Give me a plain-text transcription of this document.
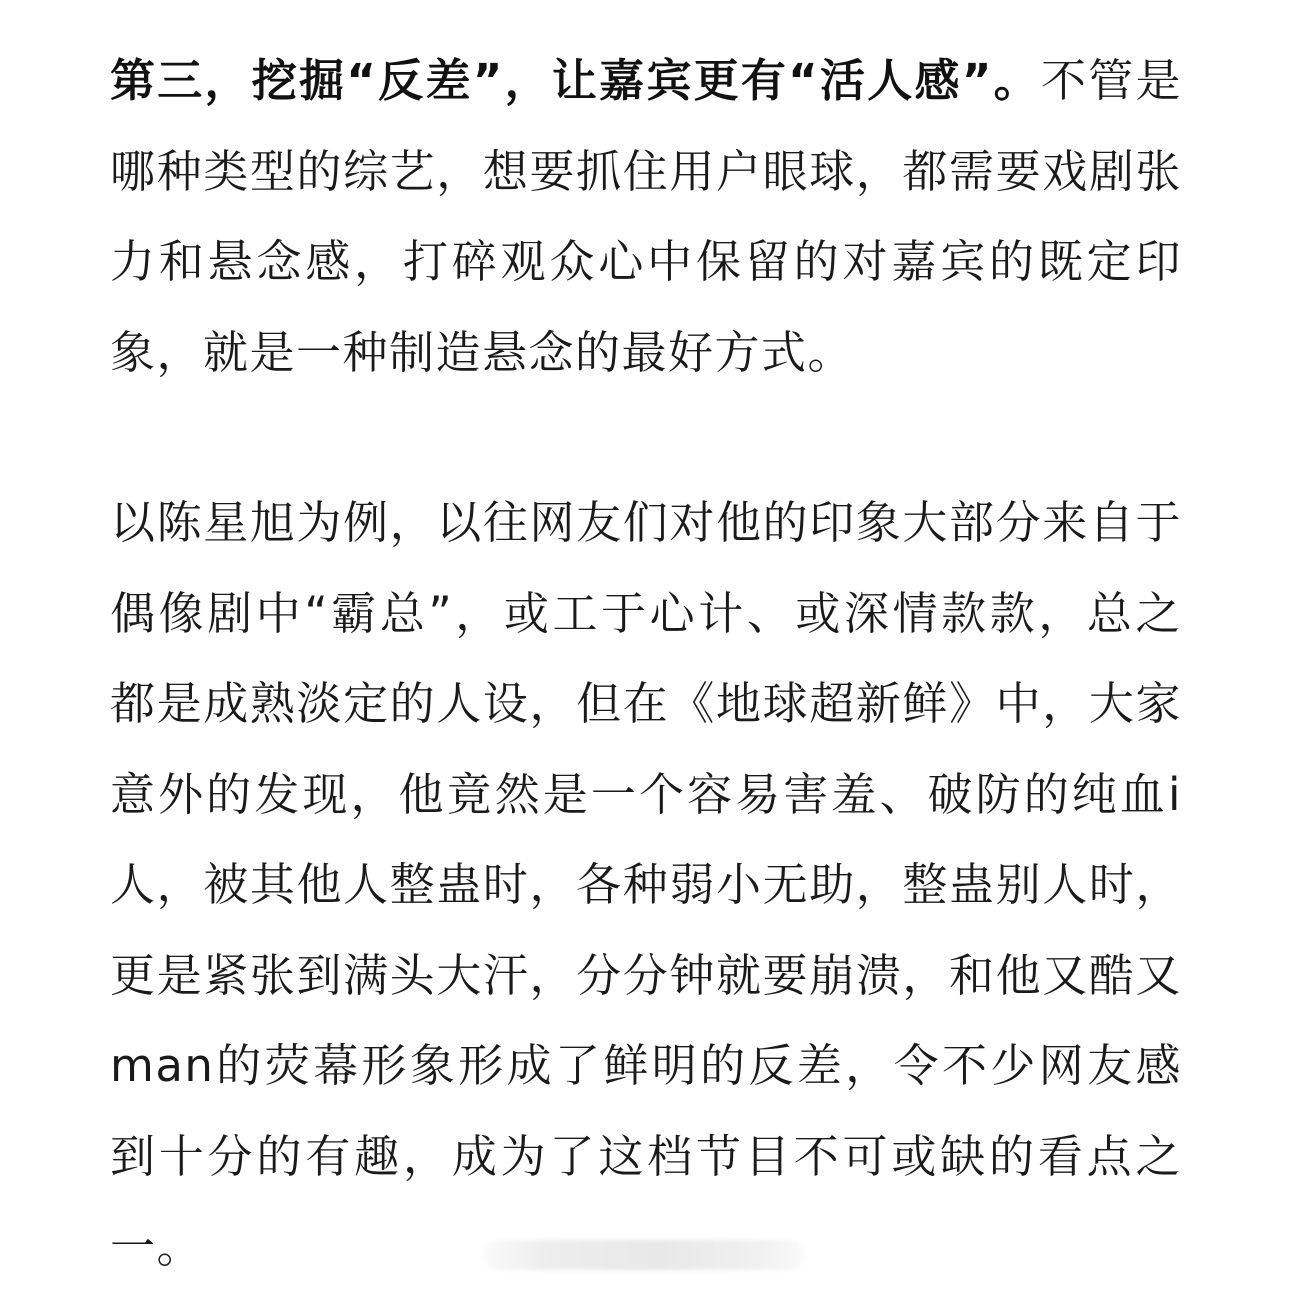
第三，挖掘“反差”，让嘉宾更有“活人感”。不管是哪种类型的综艺，想要抓住用户眼球，都需要戏剧张力和悬念感，打碎观众心中保留的对嘉宾的既定印象，就是一种制造悬念的最好方式。

以陈星旭为例，以往网友们对他的印象大部分来自于偶像剧中“霸总”，或工于心计、或深情款款，总之都是成熟淡定的人设，但在《地球超新鲜》中，大家意外的发现，他竟然是一个容易害羞、破防的纯血i人，被其他人整蛊时，各种弱小无助，整蛊别人时，更是紧张到满头大汗，分分钟就要崩溃，和他又酷又man的荧幕形象形成了鲜明的反差，令不少网友感到十分的有趣，成为了这档节目不可或缺的看点之一。
